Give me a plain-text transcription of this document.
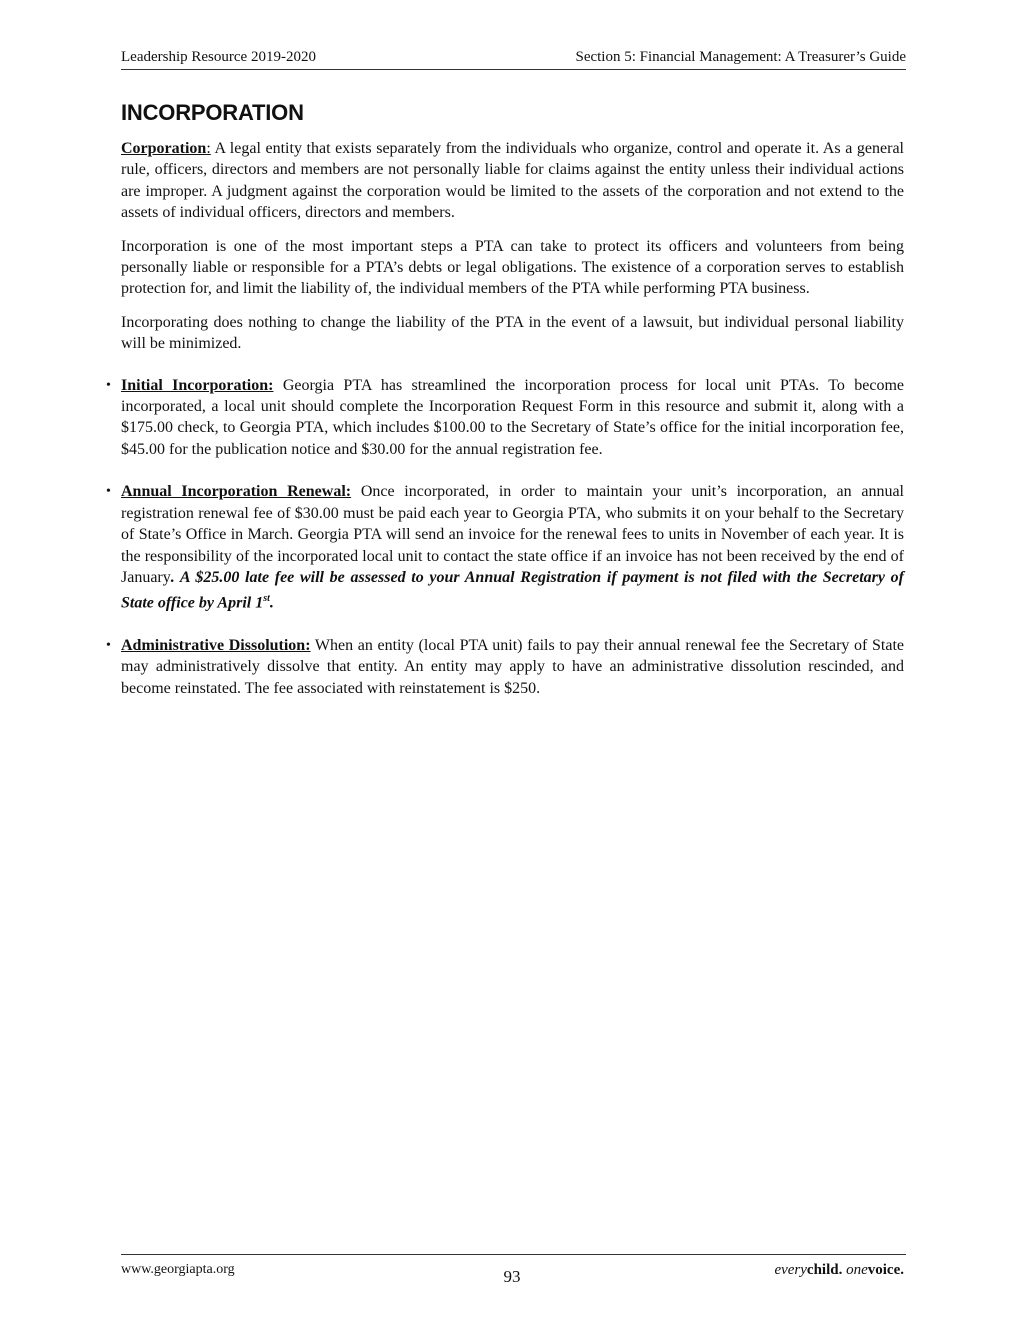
Leadership Resource 2019-2020	Section 5: Financial Management: A Treasurer’s Guide
INCORPORATION

Corporation: A legal entity that exists separately from the individuals who organize, control and operate it. As a general rule, officers, directors and members are not personally liable for claims against the entity unless their individual actions are improper. A judgment against the corporation would be limited to the assets of the corporation and not extend to the assets of individual officers, directors and members.

Incorporation is one of the most important steps a PTA can take to protect its officers and volunteers from being personally liable or responsible for a PTA’s debts or legal obligations. The existence of a corporation serves to establish protection for, and limit the liability of, the individual members of the PTA while performing PTA business.

Incorporating does nothing to change the liability of the PTA in the event of a lawsuit, but individual personal liability will be minimized.

• Initial Incorporation: Georgia PTA has streamlined the incorporation process for local unit PTAs. To become incorporated, a local unit should complete the Incorporation Request Form in this resource and submit it, along with a $175.00 check, to Georgia PTA, which includes $100.00 to the Secretary of State’s office for the initial incorporation fee, $45.00 for the publication notice and $30.00 for the annual registration fee.
• Annual Incorporation Renewal: Once incorporated, in order to maintain your unit’s incorporation, an annual registration renewal fee of $30.00 must be paid each year to Georgia PTA, who submits it on your behalf to the Secretary of State’s Office in March. Georgia PTA will send an invoice for the renewal fees to units in November of each year. It is the responsibility of the incorporated local unit to contact the state office if an invoice has not been received by the end of January. A $25.00 late fee will be assessed to your Annual Registration if payment is not filed with the Secretary of State office by April 1st.
• Administrative Dissolution: When an entity (local PTA unit) fails to pay their annual renewal fee the Secretary of State may administratively dissolve that entity. An entity may apply to have an administrative dissolution rescinded, and become reinstated. The fee associated with reinstatement is $250.
www.georgiapta.org	93	everychild. onevoice.
